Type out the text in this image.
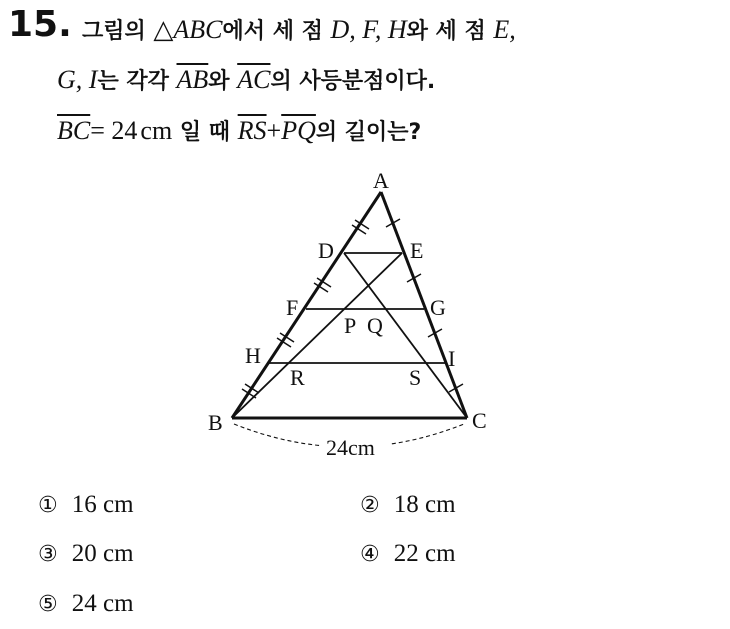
15. 그림의 △ABC에서 세 점 D, F, H와 세 점 E,
G, I는 각각 $\overline{AB}$와 $\overline{AC}$의 사등분점이다.
$\overline{BC}= 24$ cm 일 때 $\overline{RS}+\overline{PQ}$의 길이는?
24cm
A
B	C
D	E
F	G
H	I
P Q
R	S
① 16 cm	② 18 cm
③ 20 cm	④ 22 cm
⑤ 24 cm
